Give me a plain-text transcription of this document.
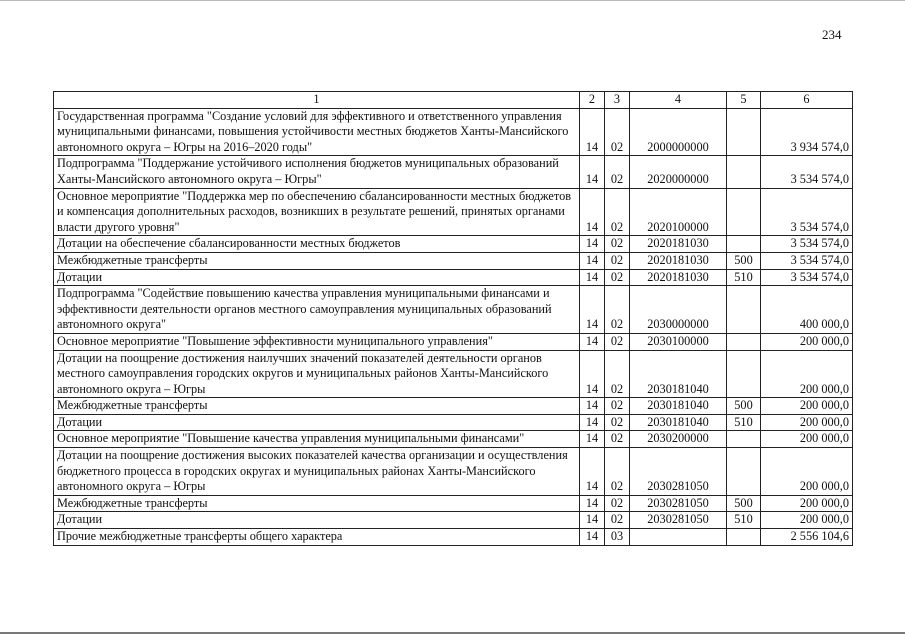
234
1	2	3	4	5	6
Государственная программа "Создание условий для эффективного и ответственного управления муниципальными финансами, повышения устойчивости местных бюджетов Ханты-Мансийского автономного округа – Югры на 2016–2020 годы"	14	02	2000000000		3 934 574,0
Подпрограмма "Поддержание устойчивого исполнения бюджетов муниципальных образований Ханты-Мансийского автономного округа – Югры"	14	02	2020000000		3 534 574,0
Основное мероприятие "Поддержка мер по обеспечению сбалансированности местных бюджетов и компенсация дополнительных расходов, возникших в результате решений, принятых органами власти другого уровня"	14	02	2020100000		3 534 574,0
Дотации на обеспечение сбалансированности местных бюджетов	14	02	2020181030		3 534 574,0
Межбюджетные трансферты	14	02	2020181030	500	3 534 574,0
Дотации	14	02	2020181030	510	3 534 574,0
Подпрограмма "Содействие повышению качества управления муниципальными финансами и эффективности деятельности органов местного самоуправления муниципальных образований автономного округа"	14	02	2030000000		400 000,0
Основное мероприятие "Повышение эффективности муниципального управления"	14	02	2030100000		200 000,0
Дотации на поощрение достижения наилучших значений показателей деятельности органов местного самоуправления городских округов и муниципальных районов Ханты-Мансийского автономного округа – Югры	14	02	2030181040		200 000,0
Межбюджетные трансферты	14	02	2030181040	500	200 000,0
Дотации	14	02	2030181040	510	200 000,0
Основное мероприятие "Повышение качества управления муниципальными финансами"	14	02	2030200000		200 000,0
Дотации на поощрение достижения высоких показателей качества организации и осуществления бюджетного процесса в городских округах и муниципальных районах Ханты-Мансийского автономного округа – Югры	14	02	2030281050		200 000,0
Межбюджетные трансферты	14	02	2030281050	500	200 000,0
Дотации	14	02	2030281050	510	200 000,0
Прочие межбюджетные трансферты общего характера	14	03			2 556 104,6
